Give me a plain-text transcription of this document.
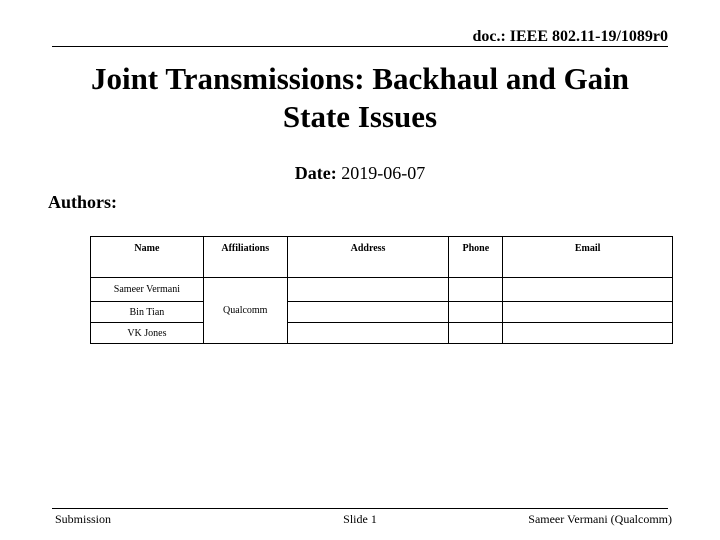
doc.: IEEE 802.11-19/1089r0
Joint Transmissions: Backhaul and Gain
State Issues
Date: 2019-06-07
Authors:
Name	Affiliations	Address	Phone	Email
Sameer Vermani	Qualcomm			
Bin Tian				
VK Jones				
Submission	Slide 1	Sameer Vermani (Qualcomm)
